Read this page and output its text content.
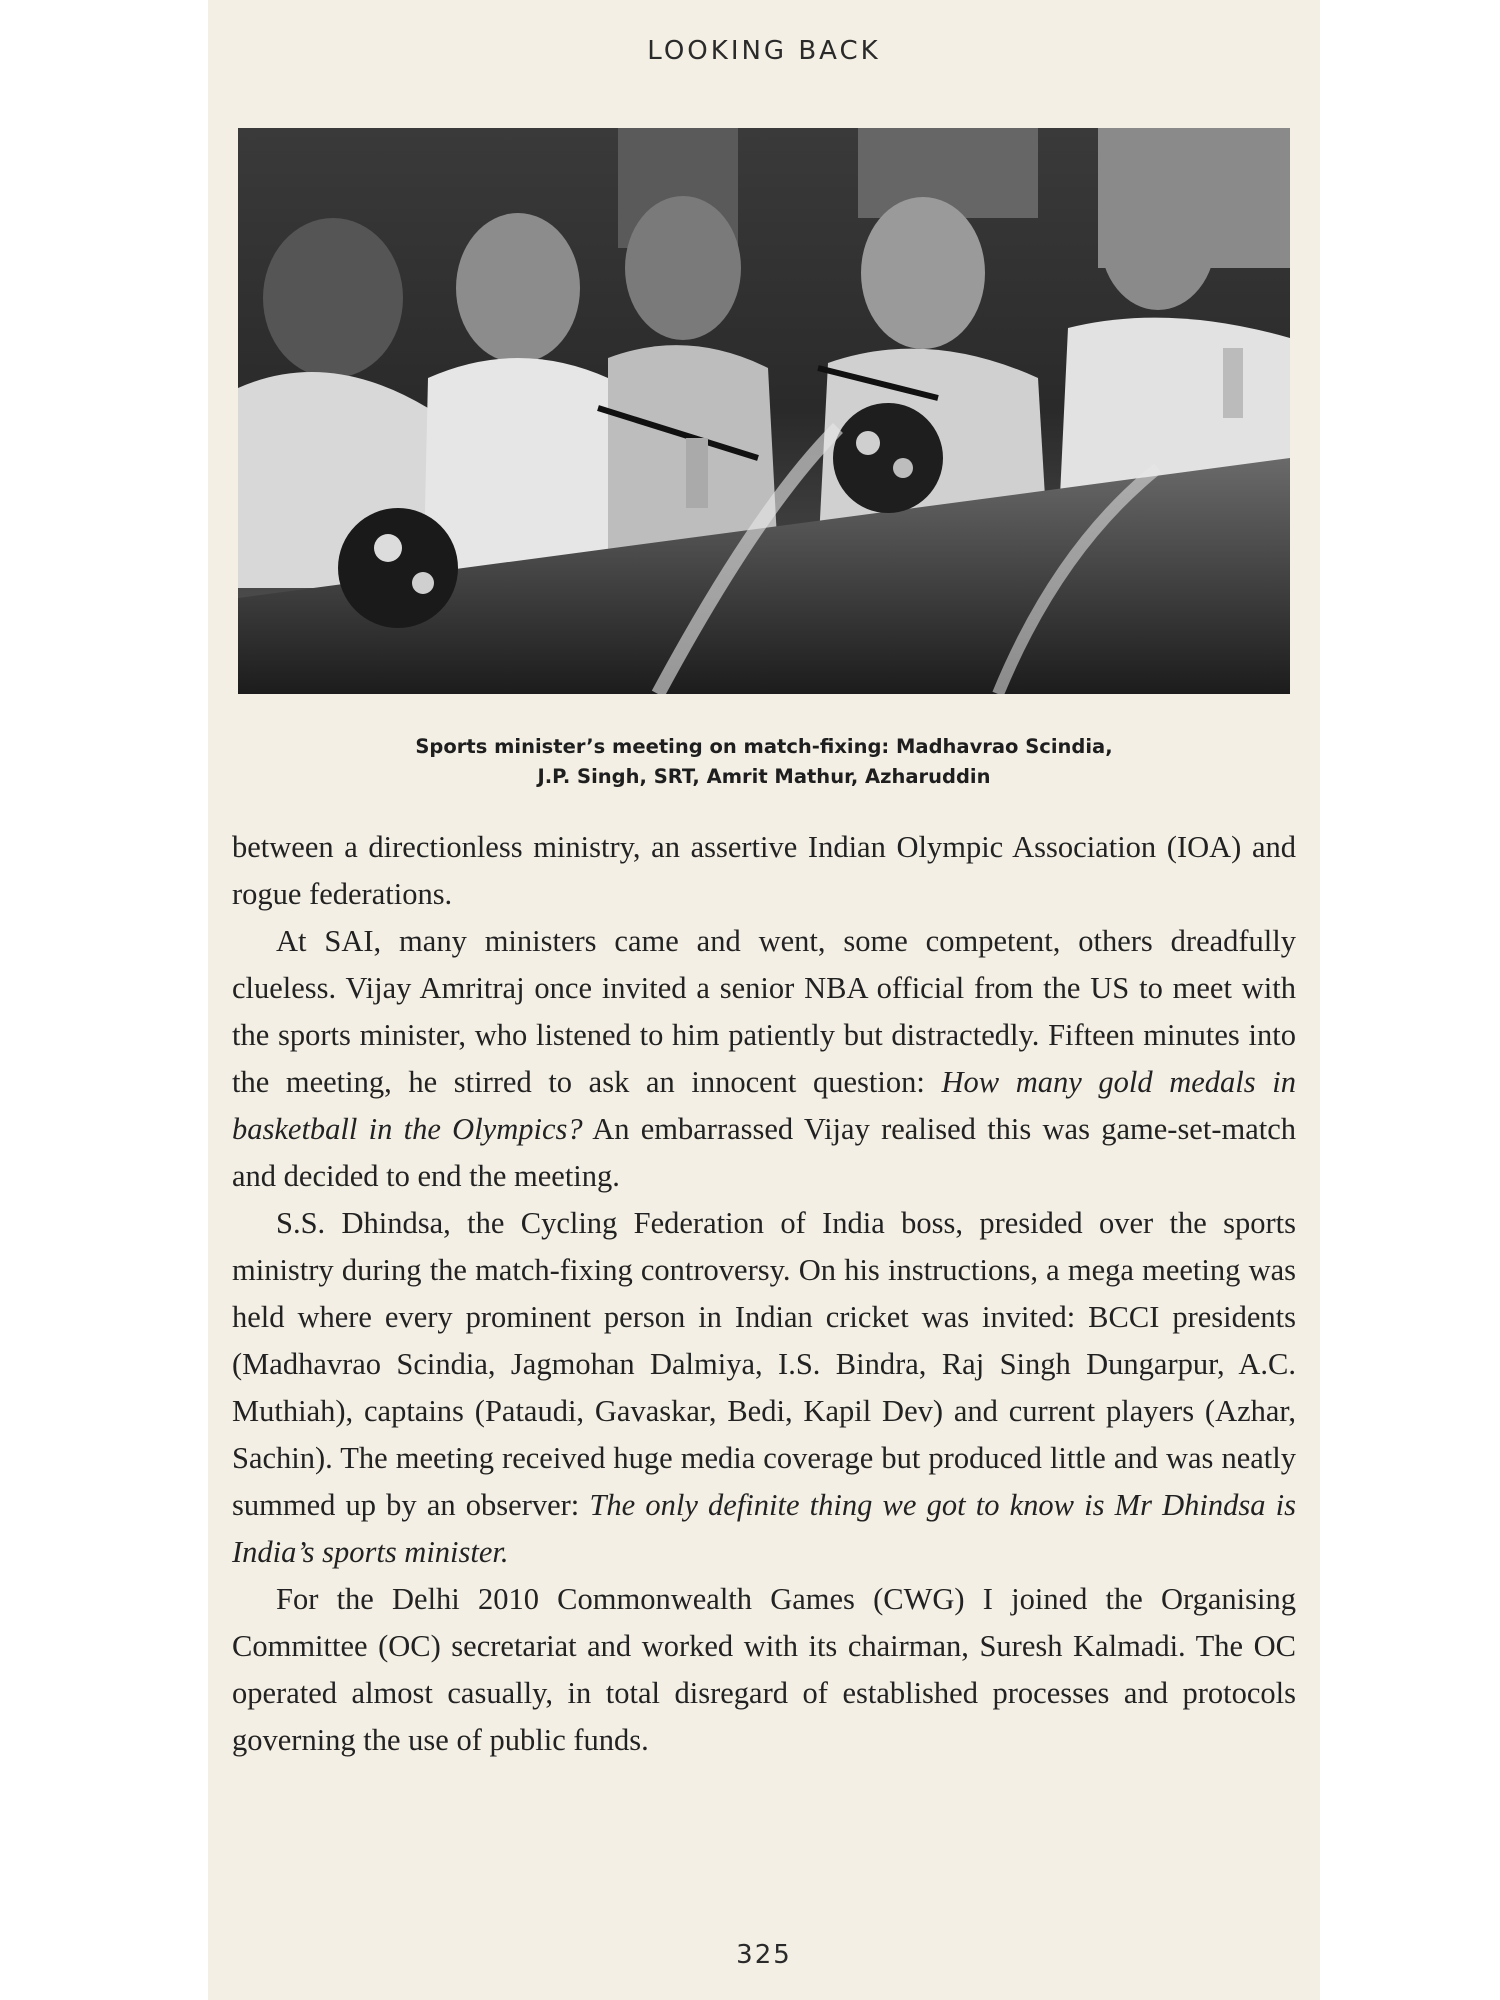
LOOKING BACK
Sports minister’s meeting on match-fixing: Madhavrao Scindia,
J.P. Singh, SRT, Amrit Mathur, Azharuddin

between a directionless ministry, an assertive Indian Olympic Association (IOA) and rogue federations.

At SAI, many ministers came and went, some competent, others dreadfully clueless. Vijay Amritraj once invited a senior NBA official from the US to meet with the sports minister, who listened to him patiently but distractedly. Fifteen minutes into the meeting, he stirred to ask an innocent question: How many gold medals in basketball in the Olympics? An embarrassed Vijay realised this was game-set-match and decided to end the meeting.

S.S. Dhindsa, the Cycling Federation of India boss, presided over the sports ministry during the match-fixing controversy. On his instructions, a mega meeting was held where every prominent person in Indian cricket was invited: BCCI presidents (Madhavrao Scindia, Jagmohan Dalmiya, I.S. Bindra, Raj Singh Dungarpur, A.C. Muthiah), captains (Pataudi, Gavaskar, Bedi, Kapil Dev) and current players (Azhar, Sachin). The meeting received huge media coverage but produced little and was neatly summed up by an observer: The only definite thing we got to know is Mr Dhindsa is India’s sports minister.

For the Delhi 2010 Commonwealth Games (CWG) I joined the Organising Committee (OC) secretariat and worked with its chairman, Suresh Kalmadi. The OC operated almost casually, in total disregard of established processes and protocols governing the use of public funds.

325
